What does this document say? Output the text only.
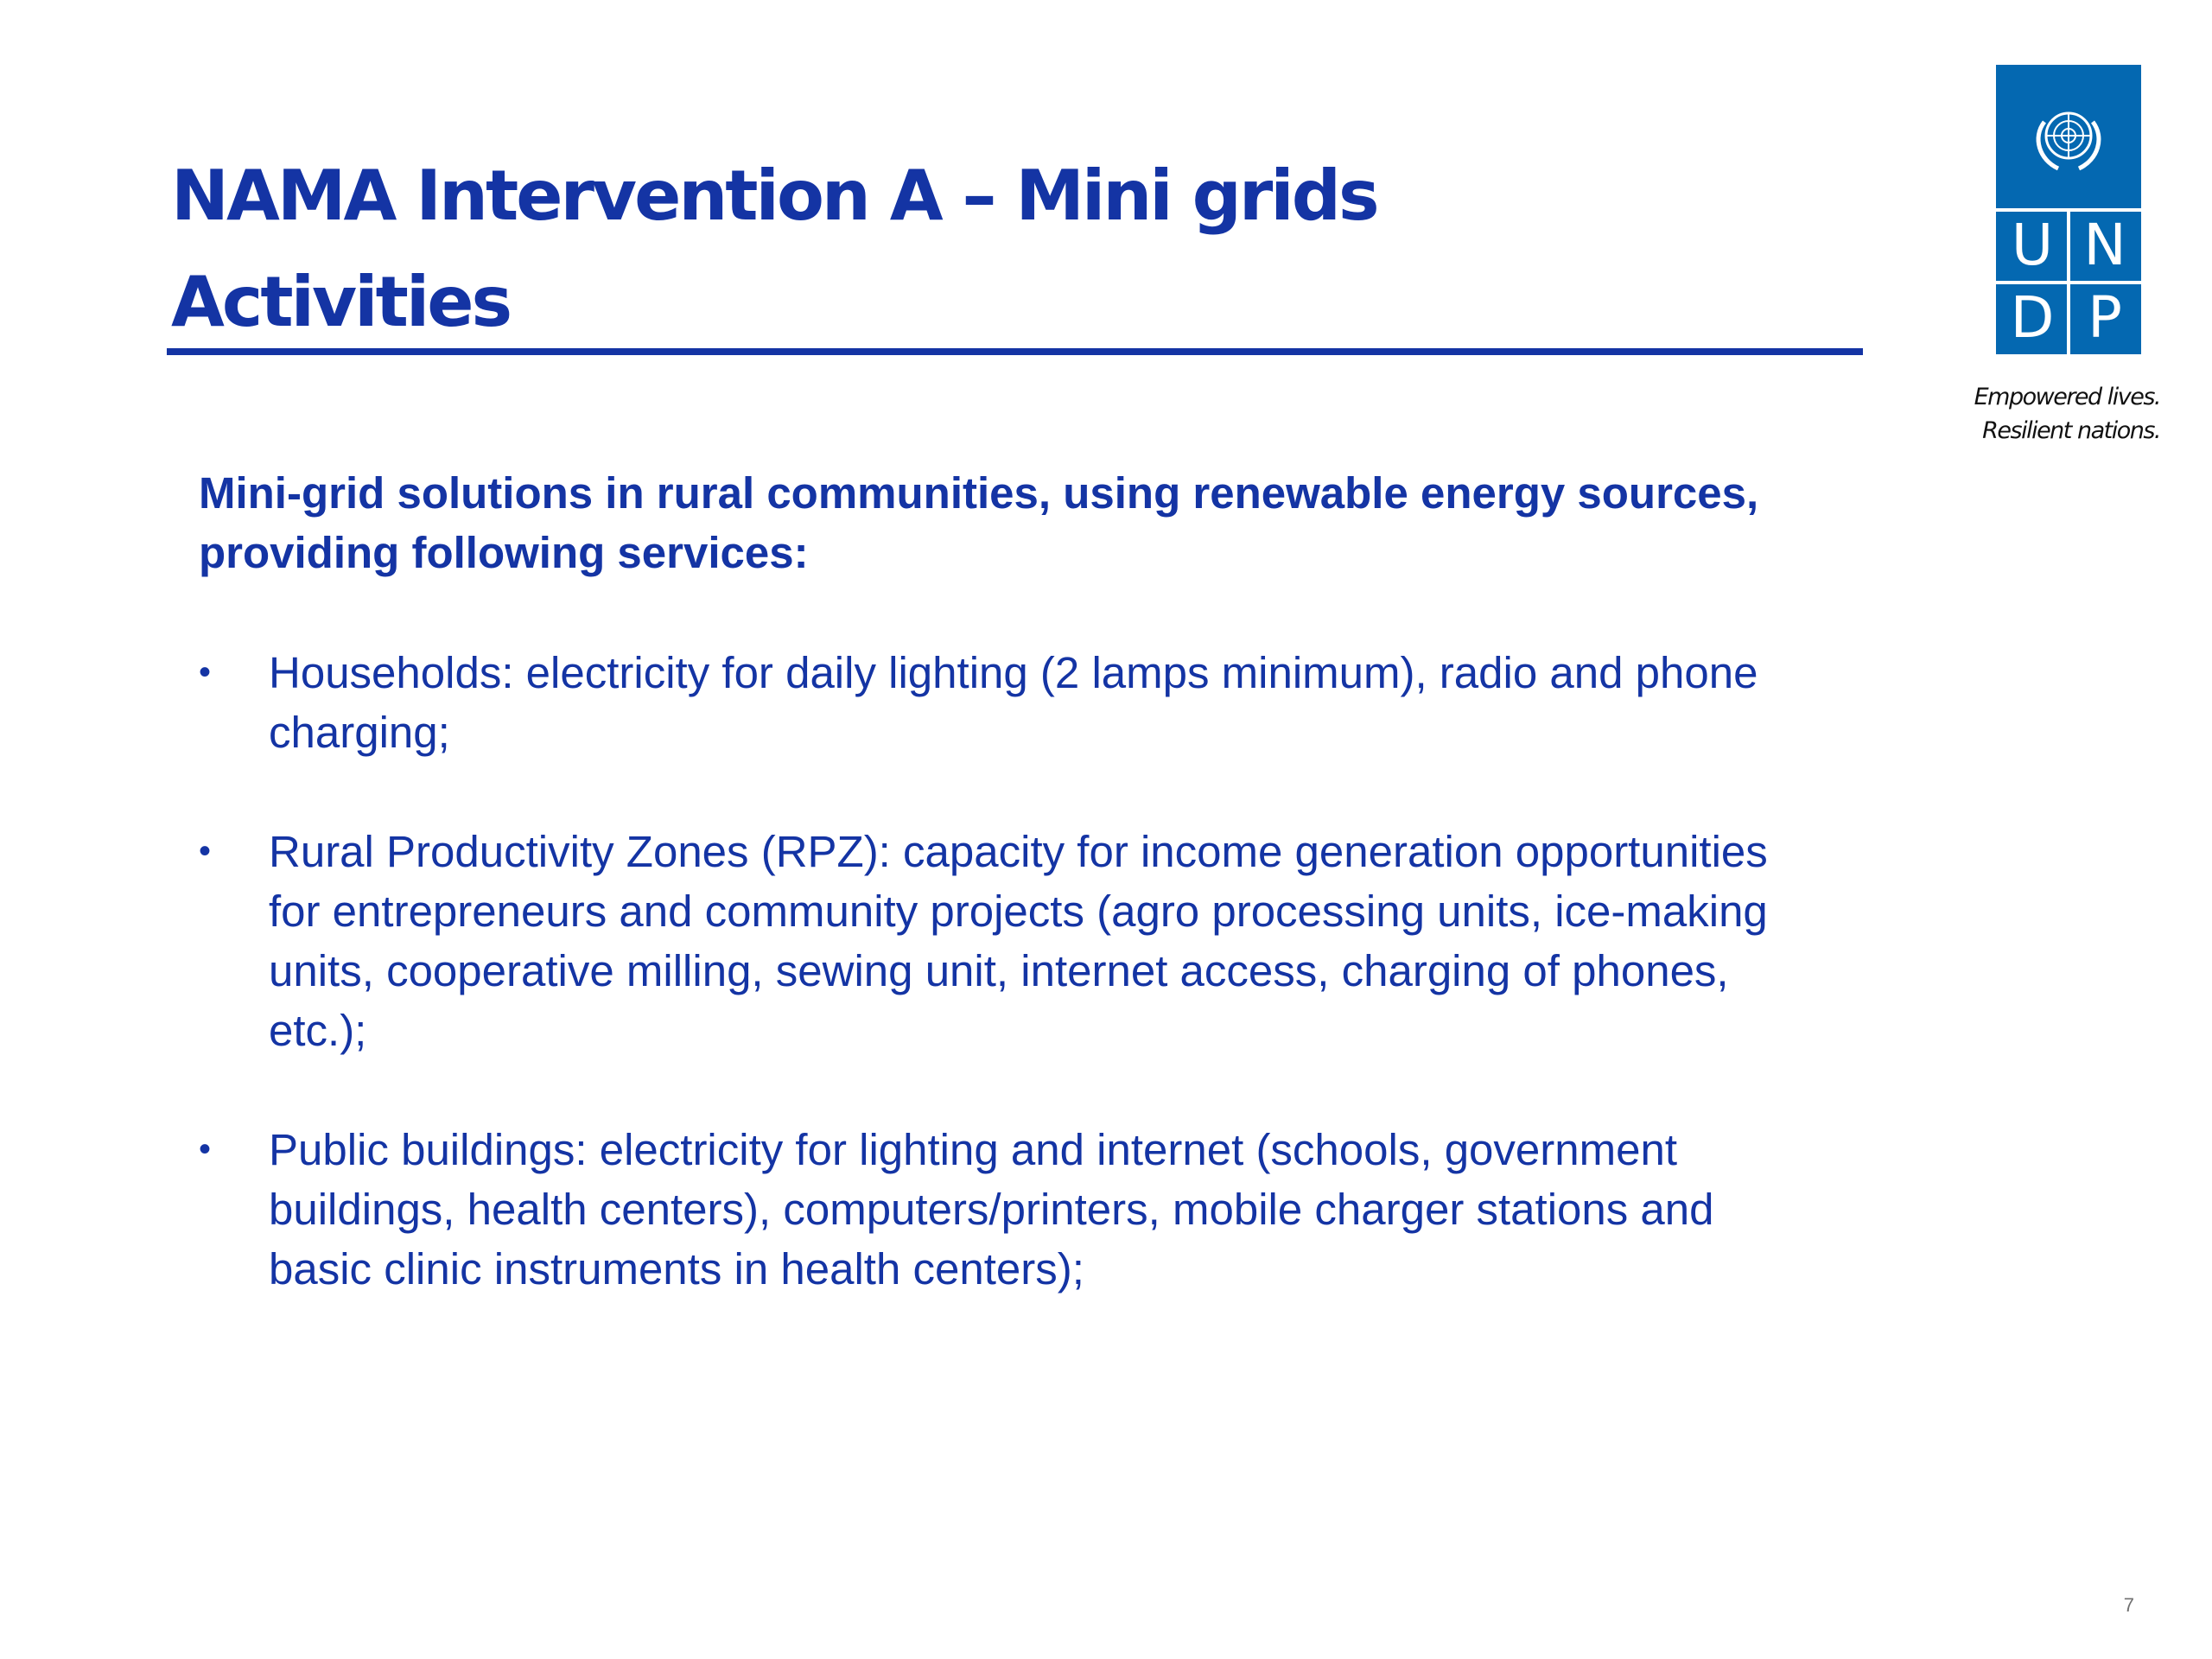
NAMA Intervention A – Mini grids
Activities
U N
D P
Empowered lives.
Resilient nations.

Mini-grid solutions in rural communities, using renewable energy sources, providing following services:

• Households: electricity for daily lighting (2 lamps minimum), radio and phone charging;
• Rural Productivity Zones (RPZ): capacity for income generation opportunities for entrepreneurs and community projects (agro processing units, ice-making units, cooperative milling, sewing unit, internet access, charging of phones, etc.);
• Public buildings: electricity for lighting and internet (schools, government buildings, health centers), computers/printers, mobile charger stations and basic clinic instruments in health centers);
7
